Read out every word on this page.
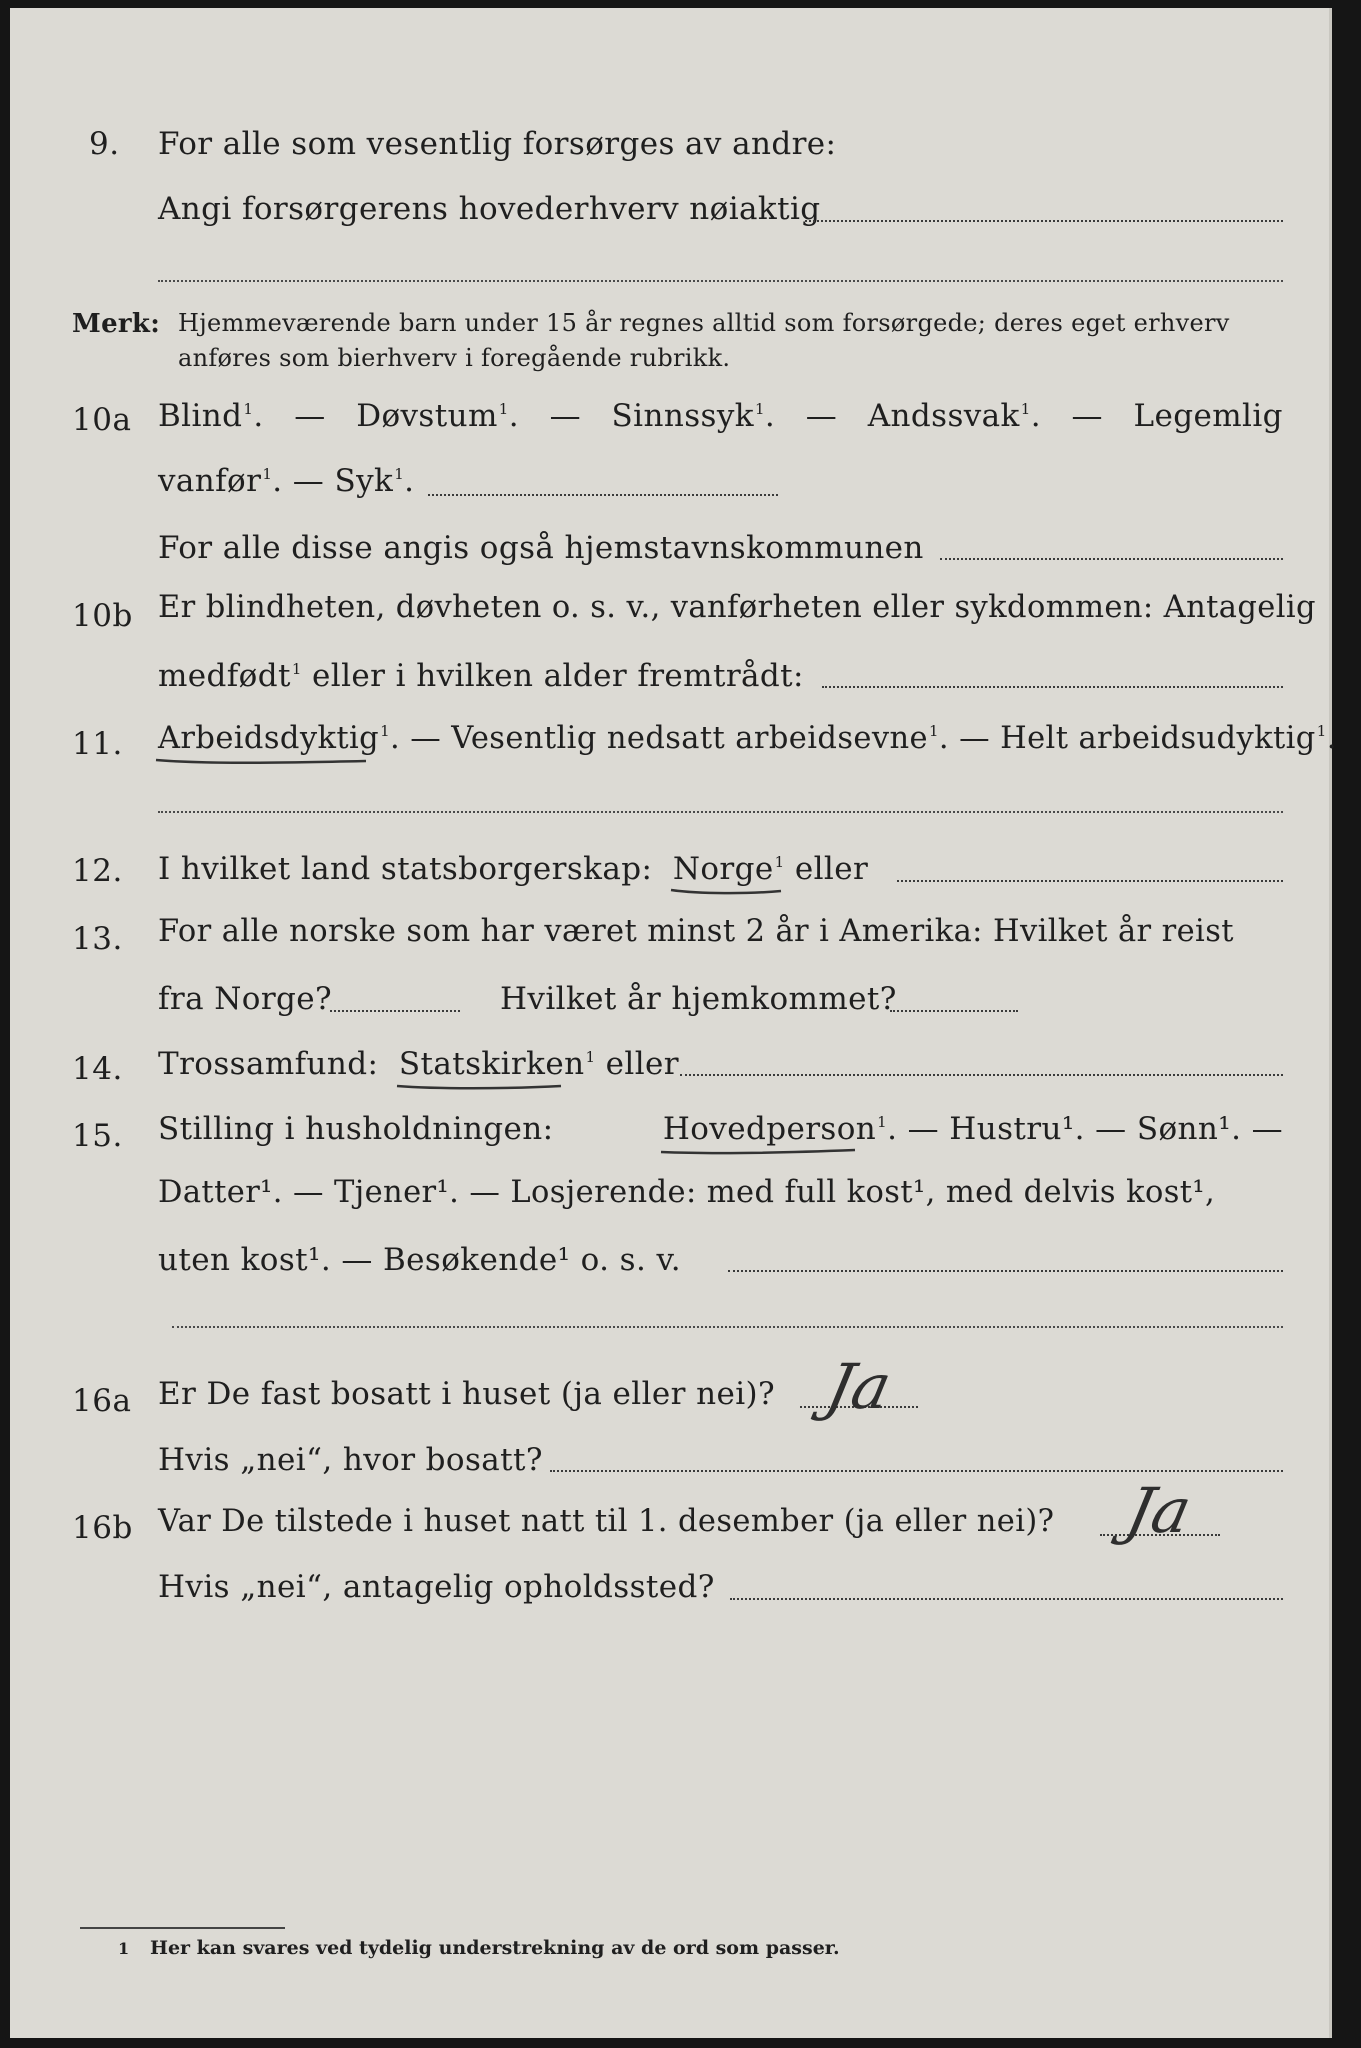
9. For alle som vesentlig forsørges av andre:
Angi forsørgerens hovederhverv nøiaktig
Merk: Hjemmeværende barn under 15 år regnes alltid som forsørgede; deres eget erhverv
anføres som bierhverv i foregående rubrikk.
10a Blind$^1$. — Døvstum$^1$. — Sinnssyk$^1$. — Andssvak$^1$. — Legemlig
vanfør$^1$. — Syk$^1$.
For alle disse angis også hjemstavnskommunen
10b Er blindheten, døvheten o. s. v., vanførheten eller sykdommen: Antagelig
medfødt$^1$ eller i hvilken alder fremtrådt:
11. Arbeidsdyktig
$^1$. — Vesentlig nedsatt arbeidsevne$^1$. — Helt arbeidsudyktig$^1$.
12. I hvilket land statsborgerskap: Norge
$^1$ eller
13. For alle norske som har været minst 2 år i Amerika: Hvilket år reist
fra Norge?	Hvilket år hjemkommet?
14. Trossamfund: Statskirken
$^1$ eller
15. Stilling i husholdningen:	Hovedperson
$^1$. — Hustru¹. — Sønn¹. —
Datter¹. — Tjener¹. — Losjerende: med full kost¹, med delvis kost¹,
uten kost¹. — Besøkende¹ o. s. v.
16a Er De fast bosatt i huset (ja eller nei)? Ja
Hvis „nei“, hvor bosatt?
16b Var De tilstede i huset natt til 1. desember (ja eller nei)? Ja
Hvis „nei“, antagelig opholdssted?
1 Her kan svares ved tydelig understrekning av de ord som passer.
